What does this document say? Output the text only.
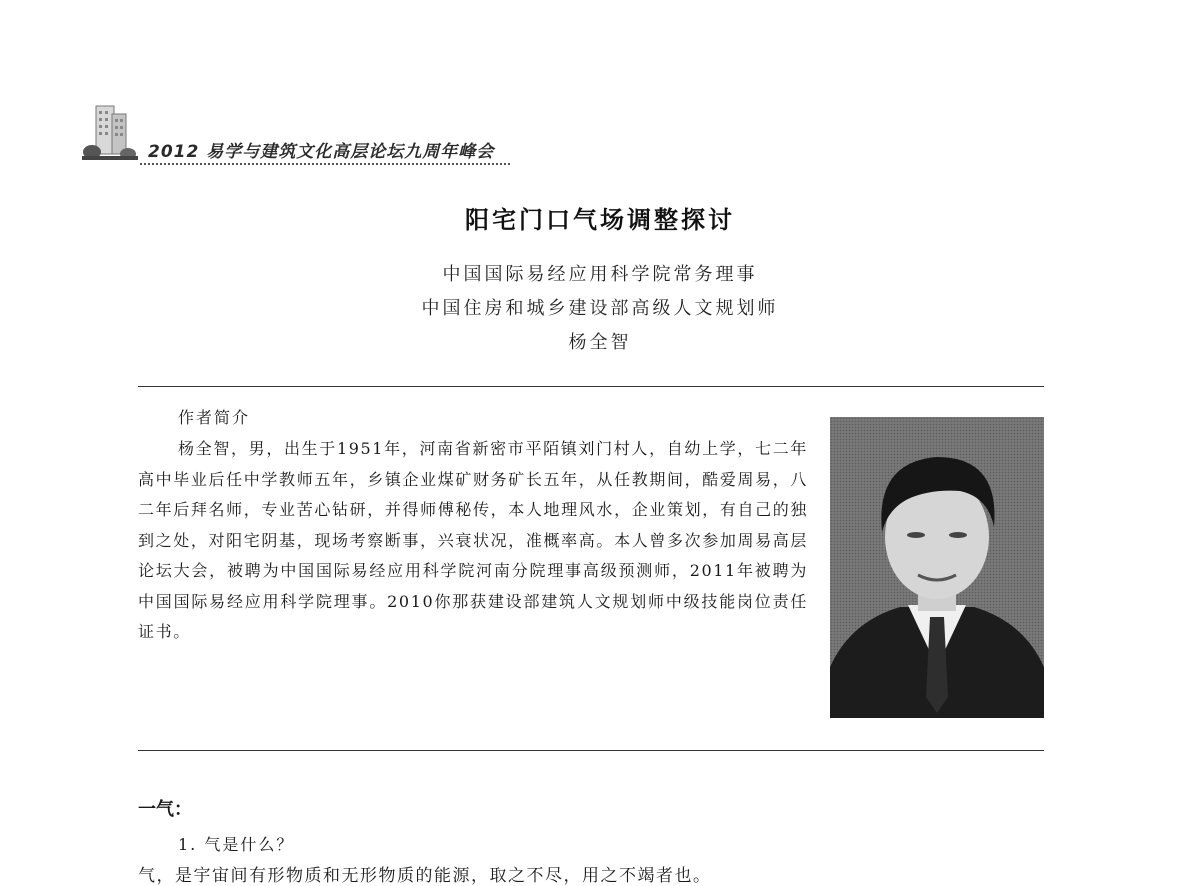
2012 易学与建筑文化高层论坛九周年峰会
阳宅门口气场调整探讨
中国国际易经应用科学院常务理事
中国住房和城乡建设部高级人文规划师
杨全智
作者简介

杨全智，男，出生于1951年，河南省新密市平陌镇刘门村人，自幼上学，七二年高中毕业后任中学教师五年，乡镇企业煤矿财务矿长五年，从任教期间，酷爱周易，八二年后拜名师，专业苦心钻研，并得师傅秘传，本人地理风水，企业策划，有自己的独到之处，对阳宅阴基，现场考察断事，兴衰状况，准概率高。本人曾多次参加周易高层论坛大会，被聘为中国国际易经应用科学院河南分院理事高级预测师，2011年被聘为中国国际易经应用科学院理事。2010你那获建设部建筑人文规划师中级技能岗位责任证书。

一气：
1. 气是什么？
气，是宇宙间有形物质和无形物质的能源，取之不尽，用之不竭者也。
